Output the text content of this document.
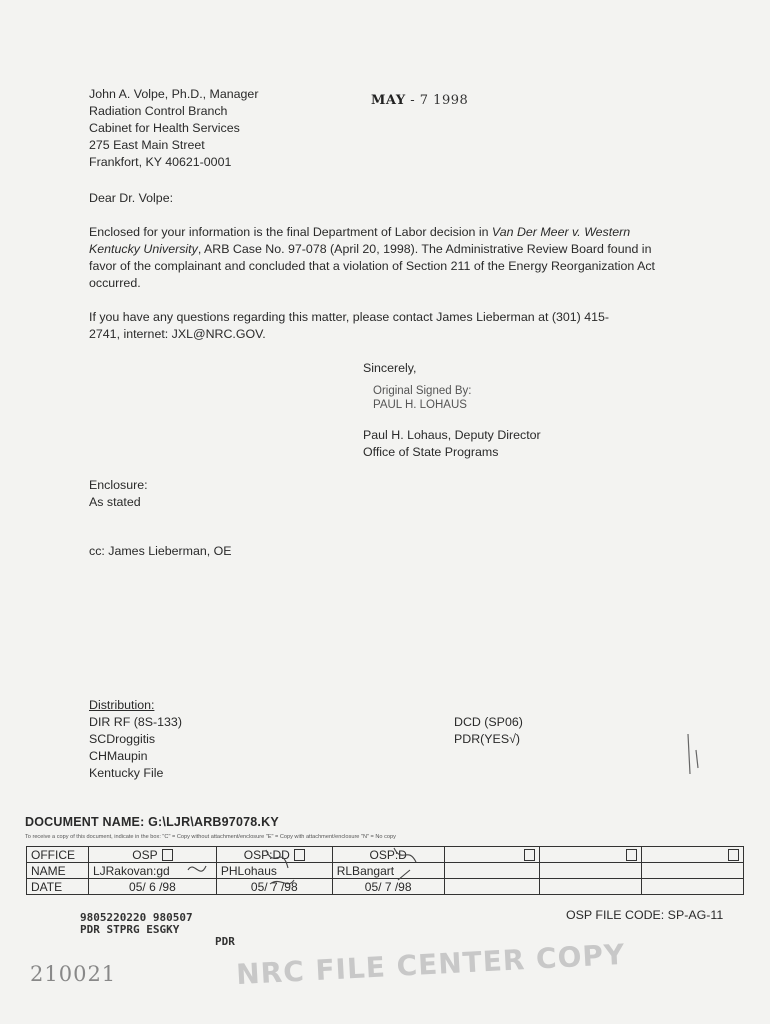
John A. Volpe, Ph.D., Manager
Radiation Control Branch
Cabinet for Health Services
275 East Main Street
Frankfort, KY 40621-0001
MAY - 7 1998
Dear Dr. Volpe:
Enclosed for your information is the final Department of Labor decision in Van Der Meer v. Western Kentucky University, ARB Case No. 97-078 (April 20, 1998). The Administrative Review Board found in favor of the complainant and concluded that a violation of Section 211 of the Energy Reorganization Act occurred.
If you have any questions regarding this matter, please contact James Lieberman at (301) 415-2741, internet: JXL@NRC.GOV.
Sincerely,
Original Signed By:
PAUL H. LOHAUS
Paul H. Lohaus, Deputy Director
Office of State Programs
Enclosure:
As stated
cc: James Lieberman, OE
Distribution:
DIR RF (8S-133)
SCDroggitis
CHMaupin
Kentucky File
DCD (SP06)
PDR(YES√)
DOCUMENT NAME: G:\LJR\ARB97078.KY
To receive a copy of this document, indicate in the box: "C" = Copy without attachment/enclosure "E" = Copy with attachment/enclosure "N" = No copy
OFFICE	OSP	OSP:DD	OSP:D			
NAME	LJRakovan:gd	PHLohaus	RLBangart			
DATE	05/ 6 /98	05/ 7 /98	05/ 7 /98			
OSP FILE CODE: SP-AG-11
9805220220 980507
PDR STPRG ESGKY
PDR
210021	NRC FILE CENTER COPY
